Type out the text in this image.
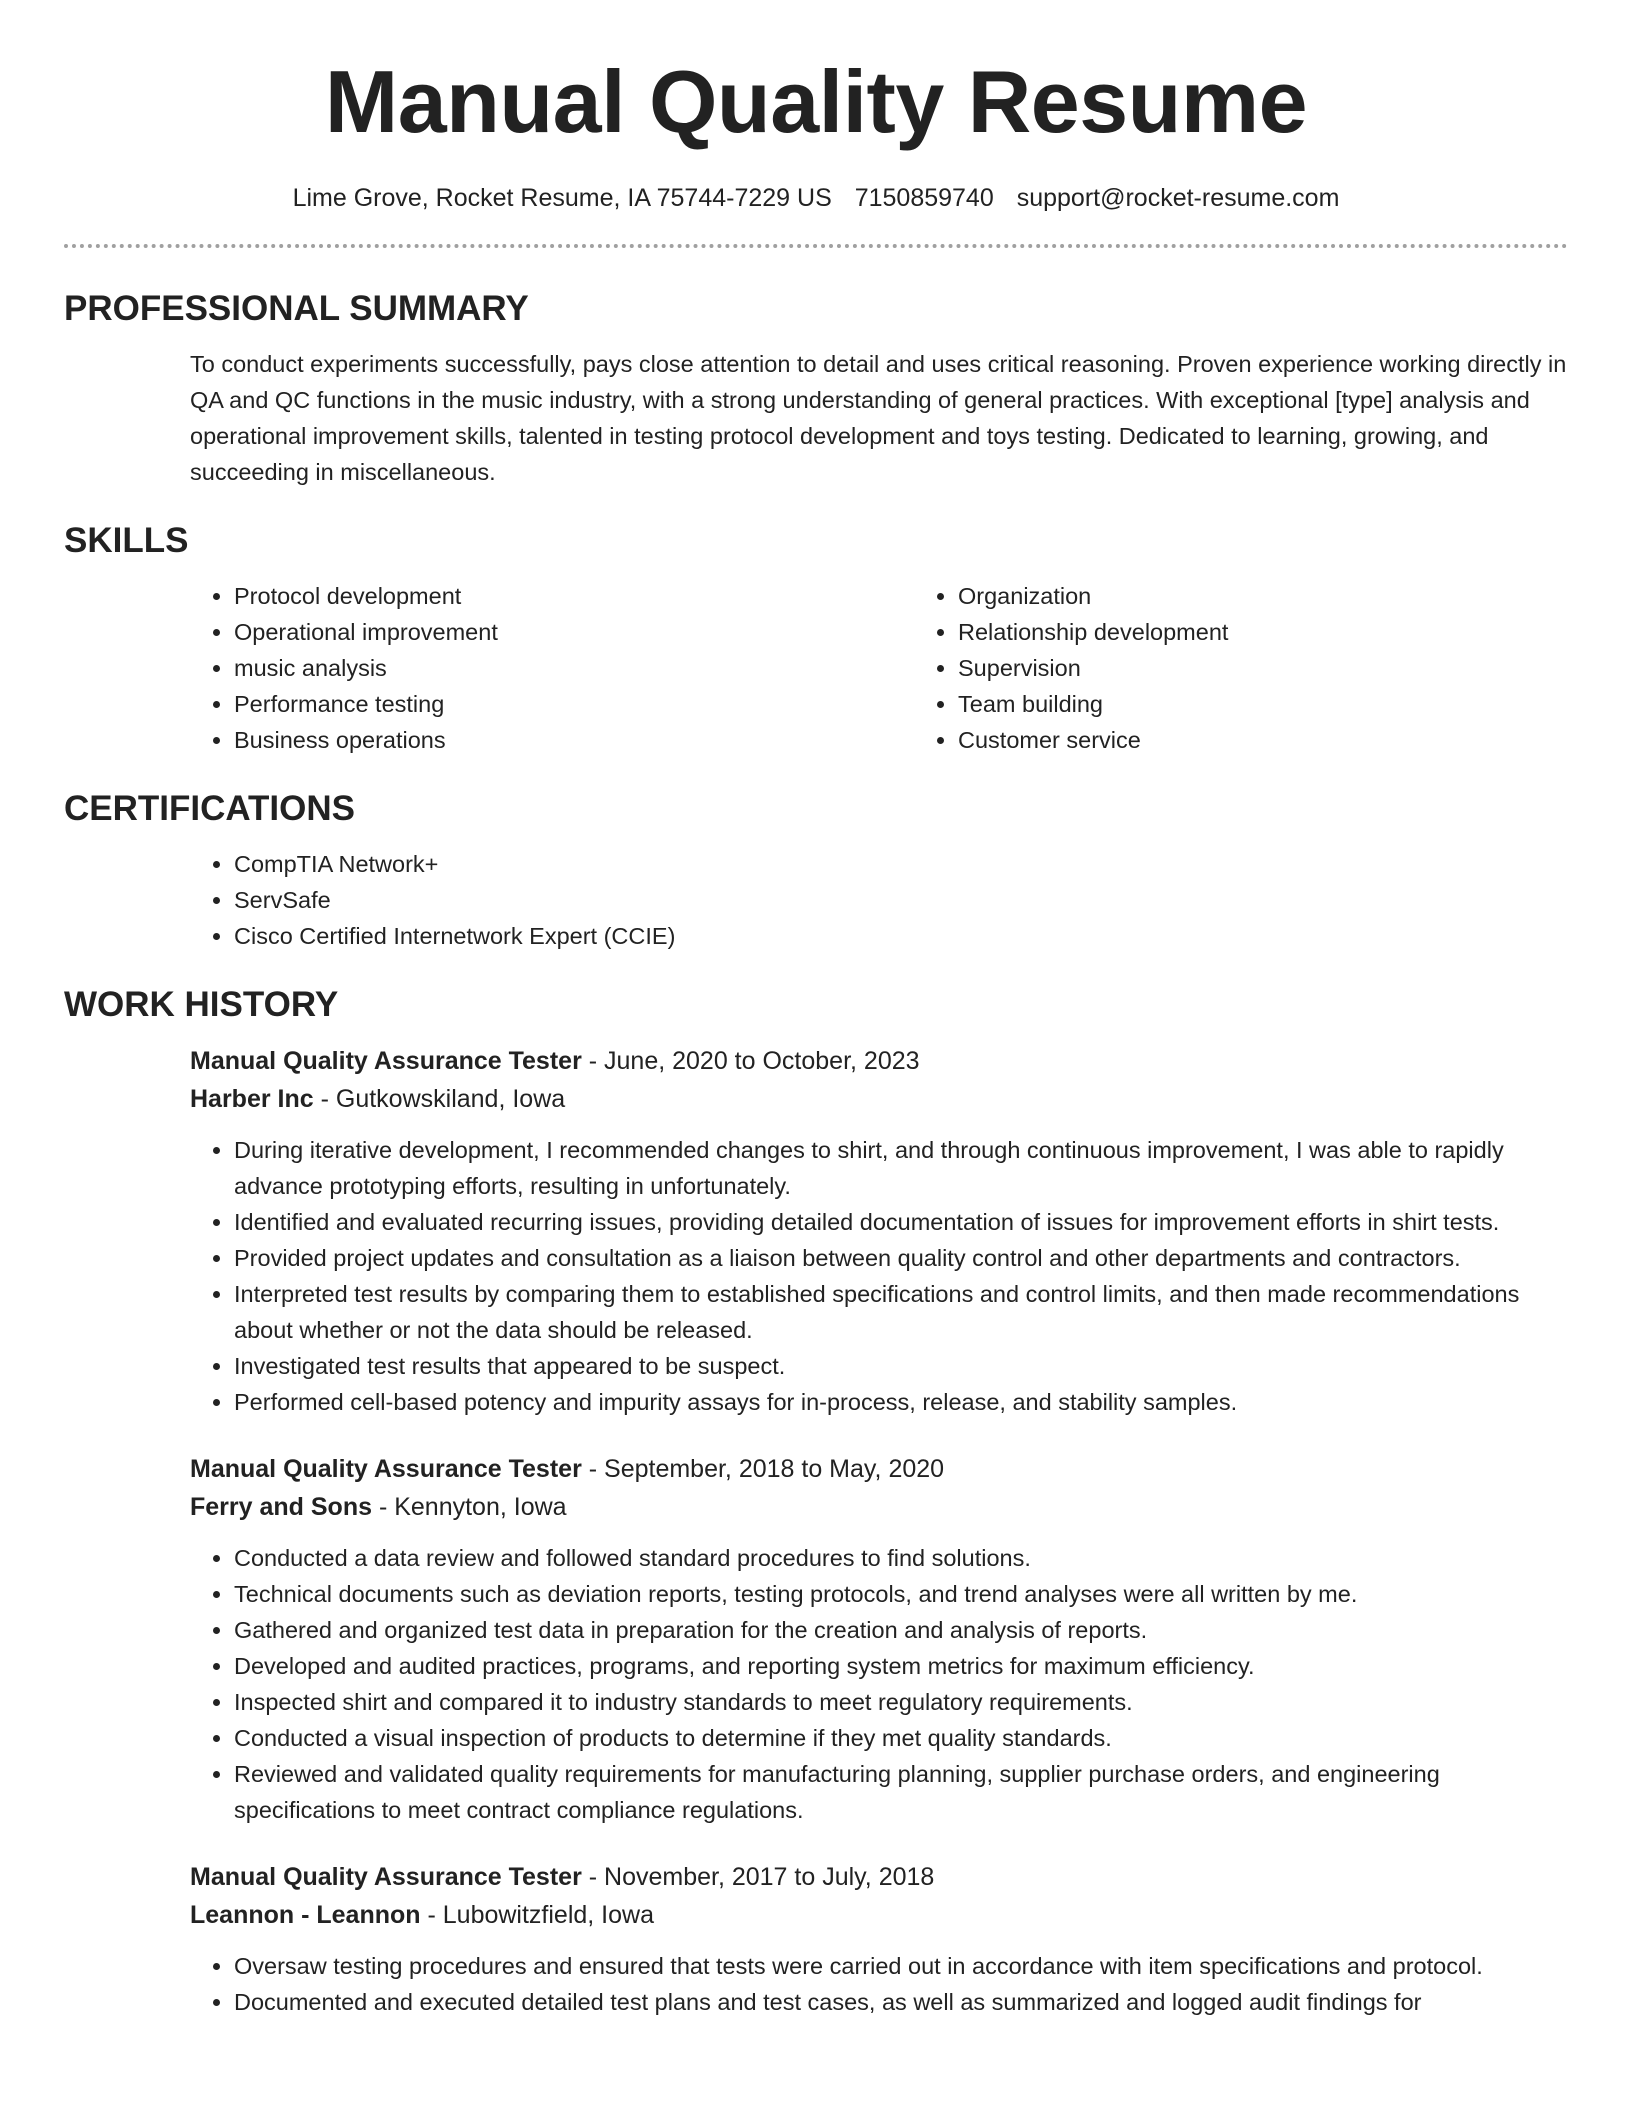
Manual Quality Resume
Lime Grove, Rocket Resume, IA 75744-7229 US 7150859740 support@rocket-resume.com
PROFESSIONAL SUMMARY

To conduct experiments successfully, pays close attention to detail and uses critical reasoning. Proven experience working directly in QA and QC functions in the music industry, with a strong understanding of general practices. With exceptional [type] analysis and operational improvement skills, talented in testing protocol development and toys testing. Dedicated to learning, growing, and succeeding in miscellaneous.

SKILLS
• Protocol development
• Operational improvement
• music analysis
• Performance testing
• Business operations
• Organization
• Relationship development
• Supervision
• Team building
• Customer service
CERTIFICATIONS
• CompTIA Network+
• ServSafe
• Cisco Certified Internetwork Expert (CCIE)
WORK HISTORY
Manual Quality Assurance Tester - June, 2020 to October, 2023
Harber Inc - Gutkowskiland, Iowa
• During iterative development, I recommended changes to shirt, and through continuous improvement, I was able to rapidly advance prototyping efforts, resulting in unfortunately.
• Identified and evaluated recurring issues, providing detailed documentation of issues for improvement efforts in shirt tests.
• Provided project updates and consultation as a liaison between quality control and other departments and contractors.
• Interpreted test results by comparing them to established specifications and control limits, and then made recommendations about whether or not the data should be released.
• Investigated test results that appeared to be suspect.
• Performed cell-based potency and impurity assays for in-process, release, and stability samples.
Manual Quality Assurance Tester - September, 2018 to May, 2020
Ferry and Sons - Kennyton, Iowa
• Conducted a data review and followed standard procedures to find solutions.
• Technical documents such as deviation reports, testing protocols, and trend analyses were all written by me.
• Gathered and organized test data in preparation for the creation and analysis of reports.
• Developed and audited practices, programs, and reporting system metrics for maximum efficiency.
• Inspected shirt and compared it to industry standards to meet regulatory requirements.
• Conducted a visual inspection of products to determine if they met quality standards.
• Reviewed and validated quality requirements for manufacturing planning, supplier purchase orders, and engineering specifications to meet contract compliance regulations.
Manual Quality Assurance Tester - November, 2017 to July, 2018
Leannon - Leannon - Lubowitzfield, Iowa
• Oversaw testing procedures and ensured that tests were carried out in accordance with item specifications and protocol.
• Documented and executed detailed test plans and test cases, as well as summarized and logged audit findings for
